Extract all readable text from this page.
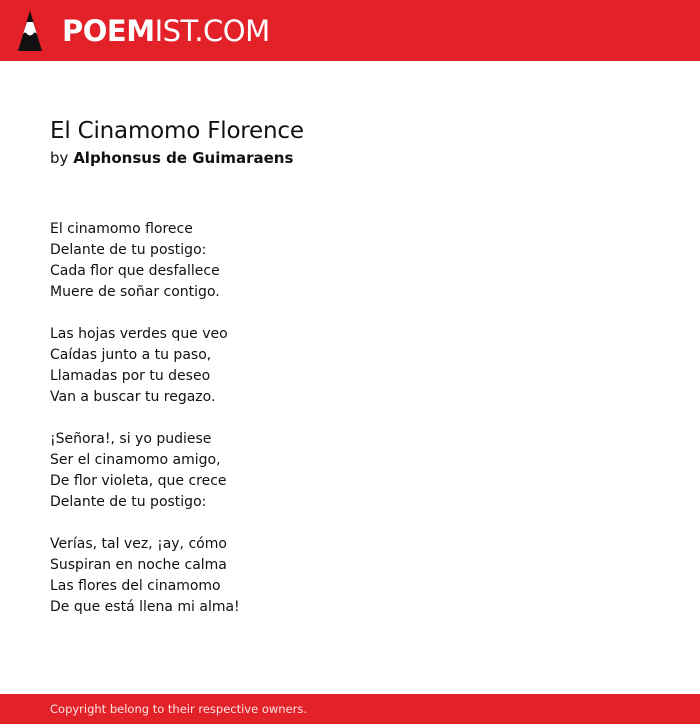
POEMIST.COM
El Cinamomo Florence
by Alphonsus de Guimaraens
El cinamomo florece
Delante de tu postigo:
Cada flor que desfallece
Muere de soñar contigo.
Las hojas verdes que veo
Caídas junto a tu paso,
Llamadas por tu deseo
Van a buscar tu regazo.
¡Señora!, si yo pudiese
Ser el cinamomo amigo,
De flor violeta, que crece
Delante de tu postigo:
Verías, tal vez, ¡ay, cómo
Suspiran en noche calma
Las flores del cinamomo
De que está llena mi alma!
Copyright belong to their respective owners.
